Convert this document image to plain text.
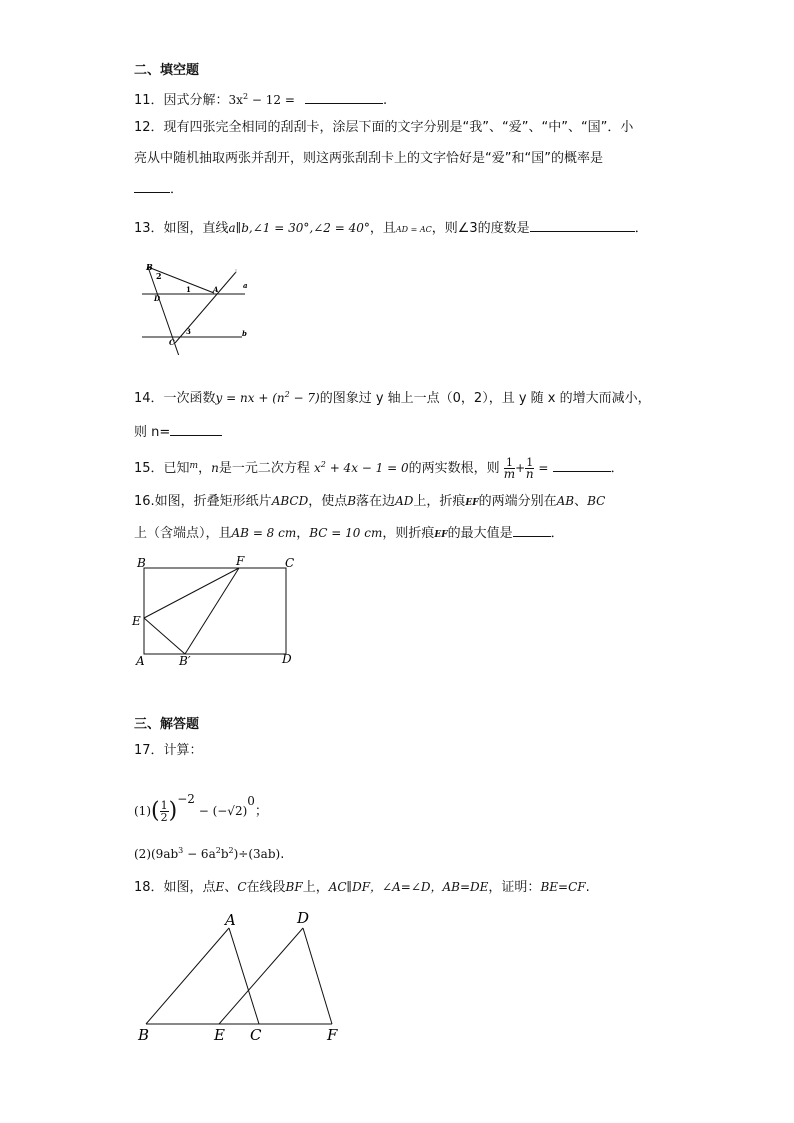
二、填空题
11．因式分解：$3x^2 - 12$ =	.
12．现有四张完全相同的刮刮卡，涂层下面的文字分别是“我”、“爱”、“中”、“国”．小
亮从中随机抽取两张并刮开，则这两张刮刮卡上的文字恰好是“爱”和“国”的概率是
．
13．如图，直线a∥b,∠1 = 30°,∠2 = 40°，且AD = AC，则∠3的度数是	．
B
2
1	A	a
D
3	b
C
14．一次函数y = nx + $(n^2 - 7)$的图象过 y 轴上一点（0，2），且 y 随 x 的增大而减小，
则 n=
15．已知$^m$，n是一元二次方程 $x^2 + 4x - 1 = 0$的两实数根，则 $\frac{1}{m} + \frac{1}{n}$ =	．
16.如图，折叠矩形纸片ABCD，使点B落在边AD上，折痕EF的两端分别在AB、BC
上（含端点），且AB = 8 cm，BC = 10 cm，则折痕EF的最大值是	．
B	F	C
E
A	B′	D
三、解答题
17．计算：
$(1)( \frac{1}{2} )^{-2} - (-√2)^0$；
$(2)(9ab^3 - 6a^2b^2)\div(3ab)$.
18．如图，点E、C在线段BF上，AC∥DF，∠A=∠D，AB=DE，证明：BE=CF.
A	D
B	E C	F
